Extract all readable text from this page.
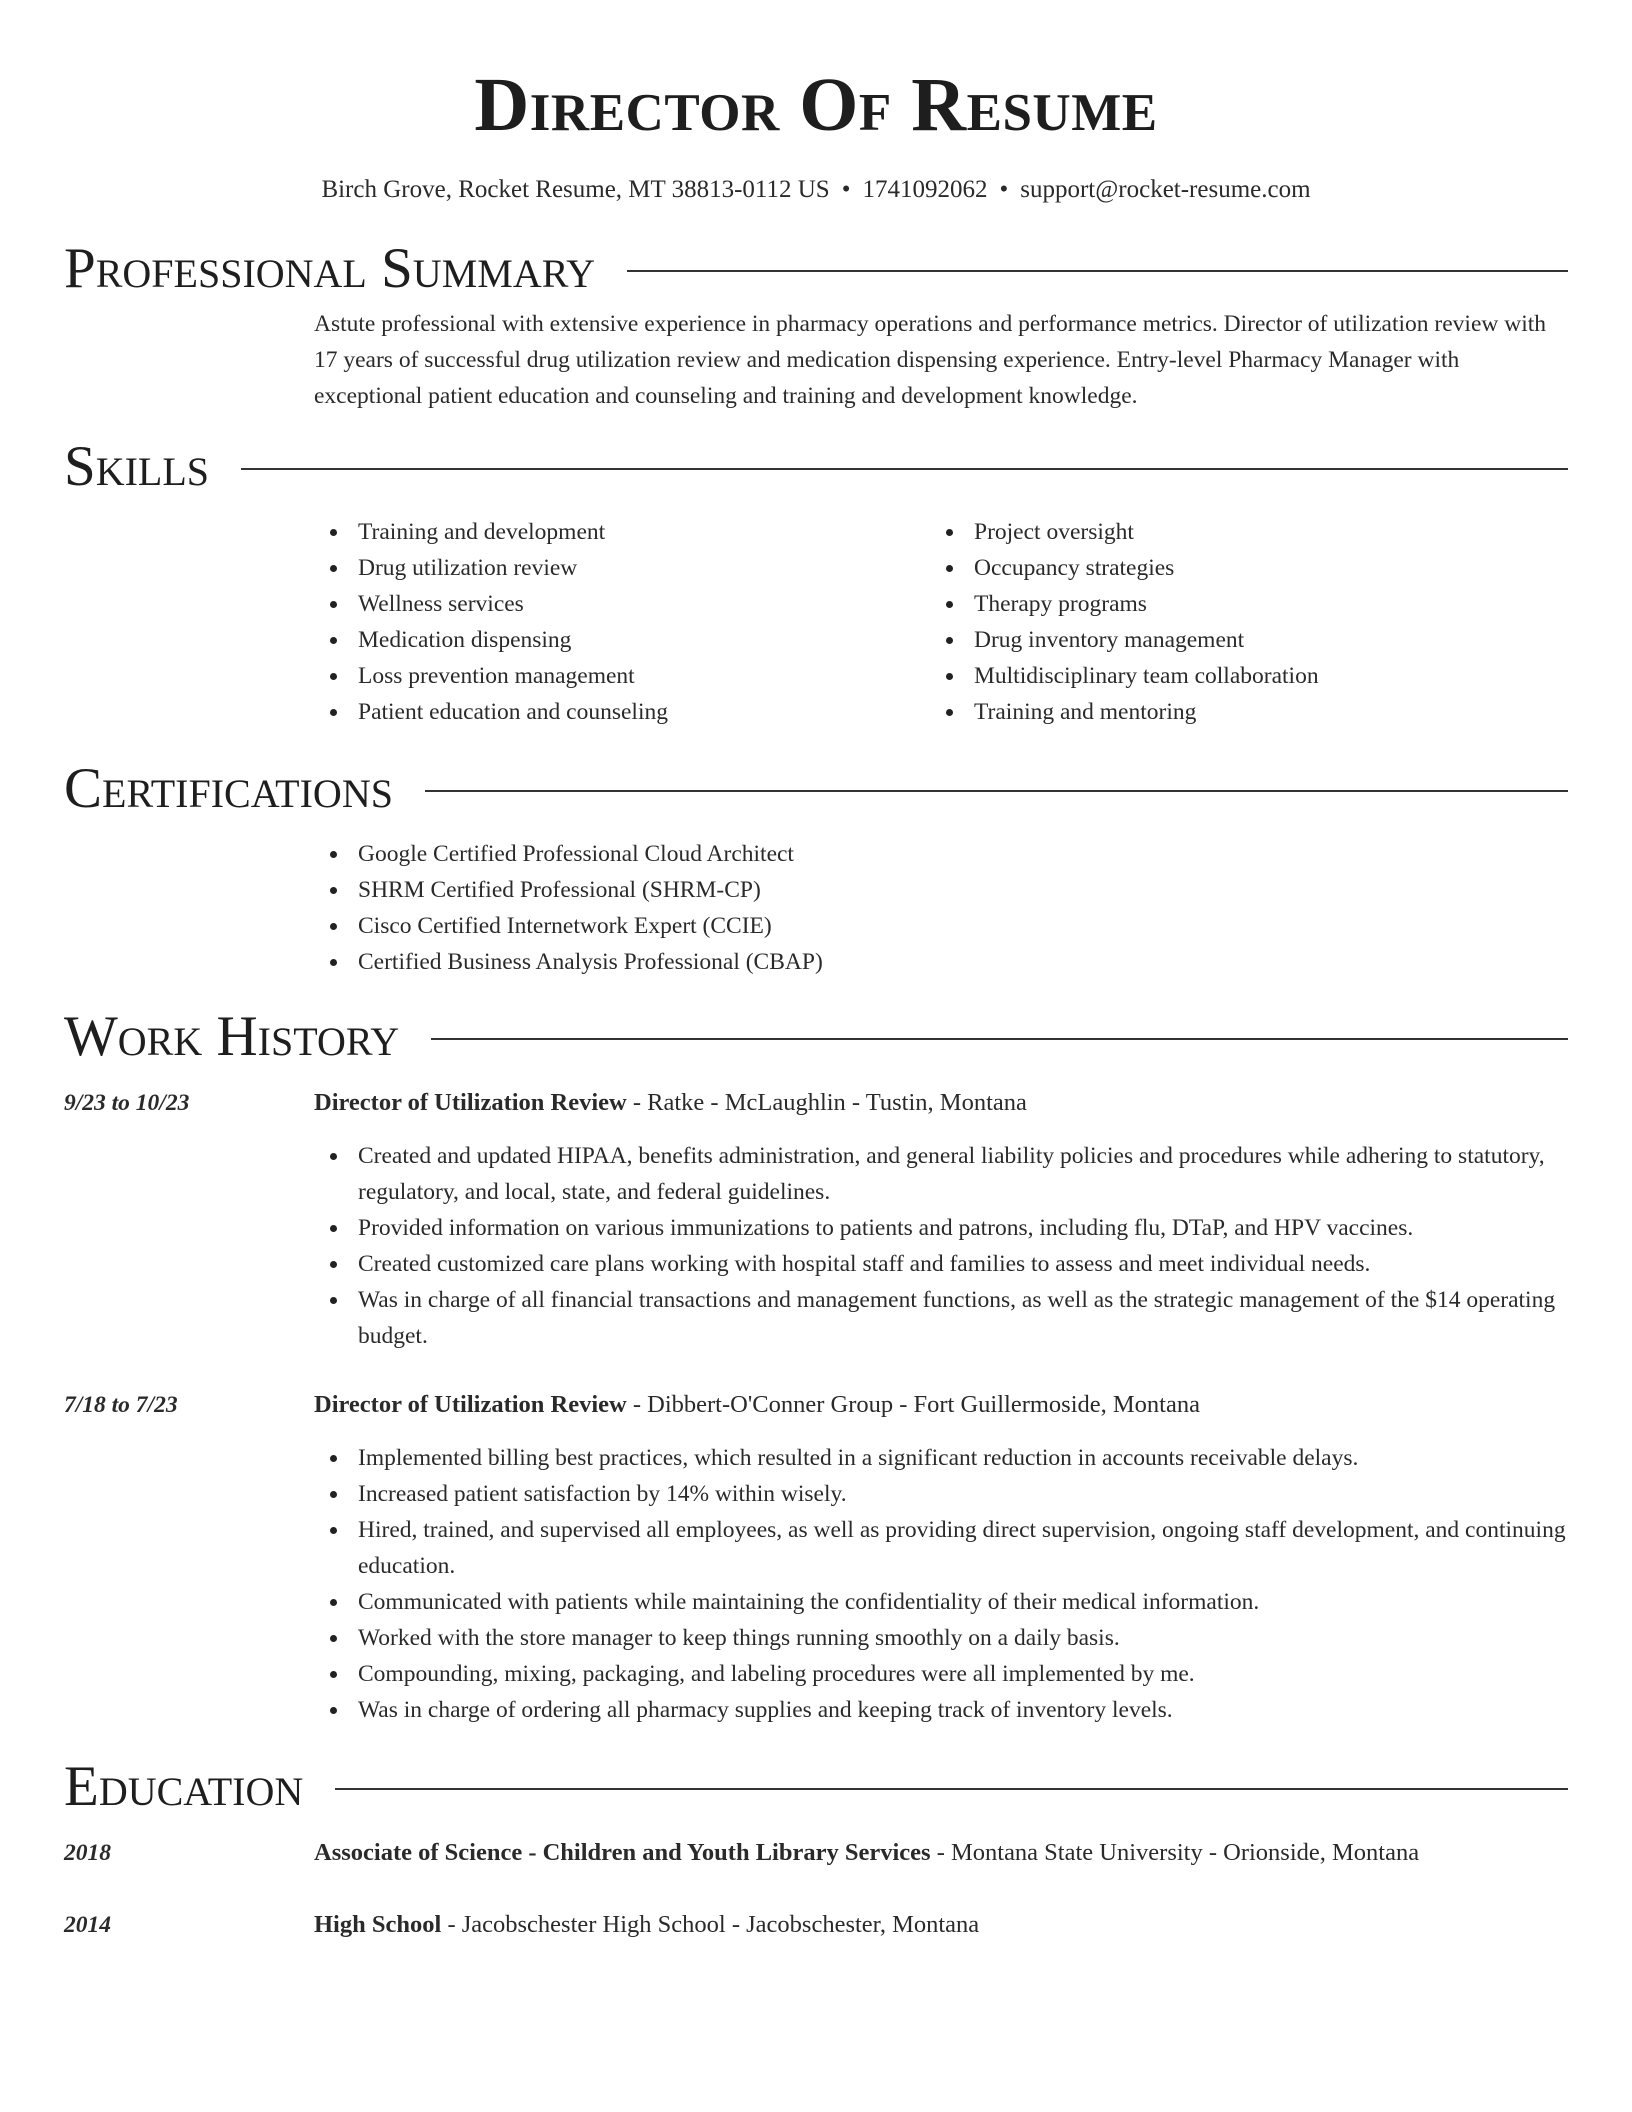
Director Of Resume
Birch Grove, Rocket Resume, MT 38813-0112 US • 1741092062 • support@rocket-resume.com
Professional Summary

Astute professional with extensive experience in pharmacy operations and performance metrics. Director of utilization review with 17 years of successful drug utilization review and medication dispensing experience. Entry-level Pharmacy Manager with exceptional patient education and counseling and training and development knowledge.

Skills
Training and development
Drug utilization review
Wellness services
Medication dispensing
Loss prevention management
Patient education and counseling
Project oversight
Occupancy strategies
Therapy programs
Drug inventory management
Multidisciplinary team collaboration
Training and mentoring
Certifications
Google Certified Professional Cloud Architect
SHRM Certified Professional (SHRM-CP)
Cisco Certified Internetwork Expert (CCIE)
Certified Business Analysis Professional (CBAP)
Work History
9/23 to 10/23	Director of Utilization Review - Ratke - McLaughlin - Tustin, Montana
Created and updated HIPAA, benefits administration, and general liability policies and procedures while adhering to statutory, regulatory, and local, state, and federal guidelines.
Provided information on various immunizations to patients and patrons, including flu, DTaP, and HPV vaccines.
Created customized care plans working with hospital staff and families to assess and meet individual needs.
Was in charge of all financial transactions and management functions, as well as the strategic management of the $14 operating budget.
7/18 to 7/23	Director of Utilization Review - Dibbert-O'Conner Group - Fort Guillermoside, Montana
Implemented billing best practices, which resulted in a significant reduction in accounts receivable delays.
Increased patient satisfaction by 14% within wisely.
Hired, trained, and supervised all employees, as well as providing direct supervision, ongoing staff development, and continuing education.
Communicated with patients while maintaining the confidentiality of their medical information.
Worked with the store manager to keep things running smoothly on a daily basis.
Compounding, mixing, packaging, and labeling procedures were all implemented by me.
Was in charge of ordering all pharmacy supplies and keeping track of inventory levels.
Education
2018	Associate of Science - Children and Youth Library Services - Montana State University - Orionside, Montana
2014	High School - Jacobschester High School - Jacobschester, Montana
